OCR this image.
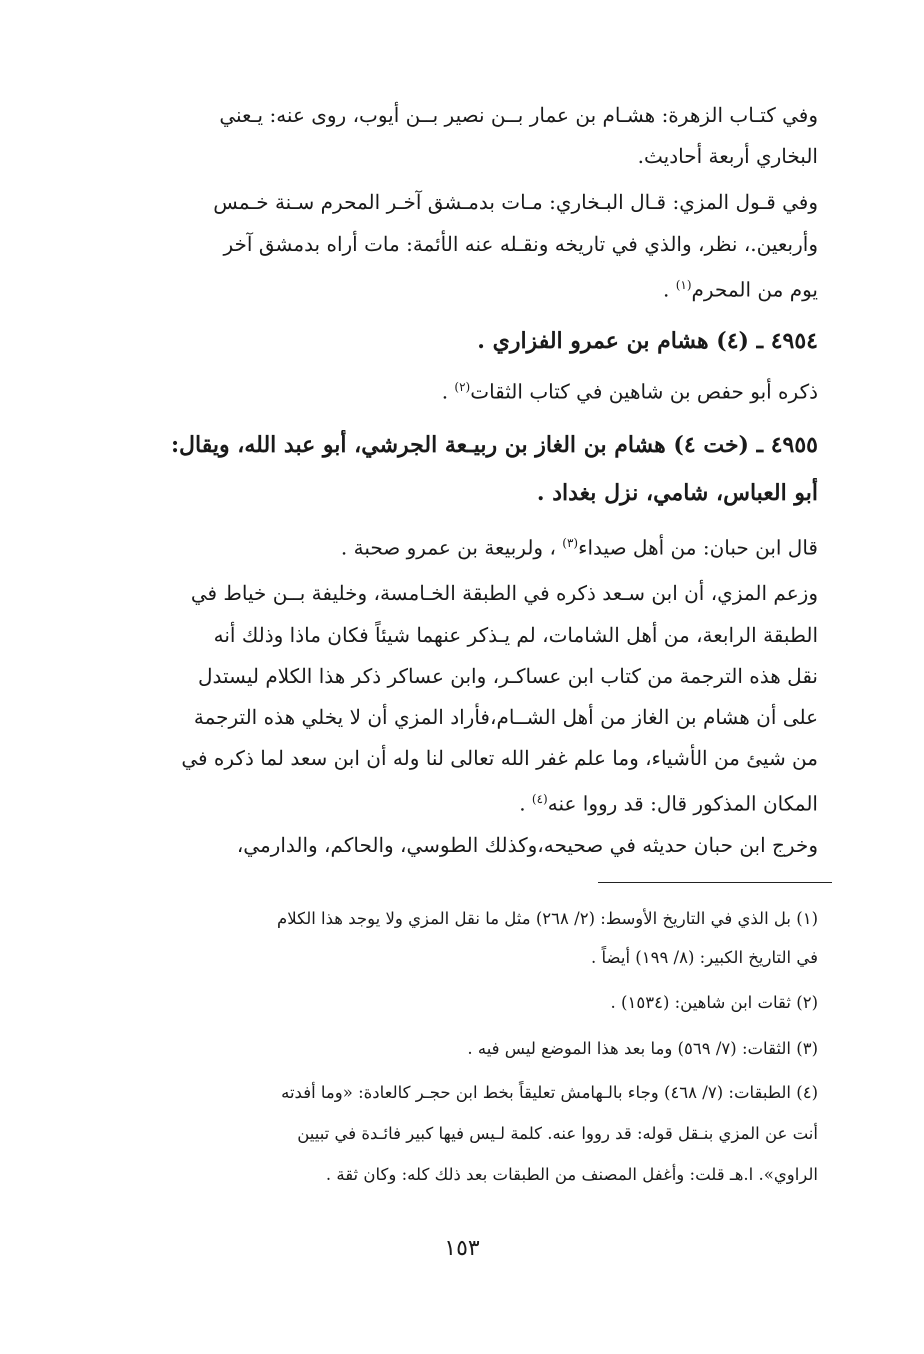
وفي كتـاب الزهرة: هشـام بن عمار بــن نصير بــن أيوب، روى عنه: يـعني
البخاري أربعة أحاديث.
وفي قـول المزي: قـال البـخاري: مـات بدمـشق آخـر المحرم سـنة خـمس
وأربعين.، نظر، والذي في تاريخه ونقـله عنه الأئمة: مات أراه بدمشق آخر
يوم من المحرم$^{(١)}$ .
٤٩٥٤ ـ (٤) هشام بن عمرو الفزاري .
ذكره أبو حفص بن شاهين في كتاب الثقات$^{(٢)}$ .
٤٩٥٥ ـ (خت ٤) هشام بن الغاز بن ربيـعة الجرشي، أبو عبد الله، ويقال:
أبو العباس، شامي، نزل بغداد .
قال ابن حبان: من أهل صيداء$^{(٣)}$ ، ولربيعة بن عمرو صحبة .
وزعم المزي، أن ابن سـعد ذكره في الطبقة الخـامسة، وخليفة بــن خياط في
الطبقة الرابعة، من أهل الشامات، لم يـذكر عنهما شيئاً فكان ماذا وذلك أنه
نقل هذه الترجمة من كتاب ابن عساكـر، وابن عساكر ذكر هذا الكلام ليستدل
على أن هشام بن الغاز من أهل الشــام،فأراد المزي أن لا يخلي هذه الترجمة
من شيئ من الأشياء، وما علم غفر الله تعالى لنا وله أن ابن سعد لما ذكره في
المكان المذكور قال: قد رووا عنه$^{(٤)}$ .
وخرج ابن حبان حديثه في صحيحه،وكذلك الطوسي، والحاكم، والدارمي،
(١) بل الذي في التاريخ الأوسط: (٢/ ٢٦٨) مثل ما نقل المزي ولا يوجد هذا الكلام
في التاريخ الكبير: (٨/ ١٩٩) أيضاً .
(٢) ثقات ابن شاهين: (١٥٣٤) .
(٣) الثقات: (٧/ ٥٦٩) وما بعد هذا الموضع ليس فيه .
(٤) الطبقات: (٧/ ٤٦٨) وجاء بالـهامش تعليقاً بخط ابن حجـر كالعادة: «وما أفدته
أنت عن المزي بنـقل قوله: قد رووا عنه. كلمة لـيس فيها كبير فائـدة في تبيين
الراوي». ا.هـ قلت: وأغفل المصنف من الطبقات بعد ذلك كله: وكان ثقة .
١٥٣
